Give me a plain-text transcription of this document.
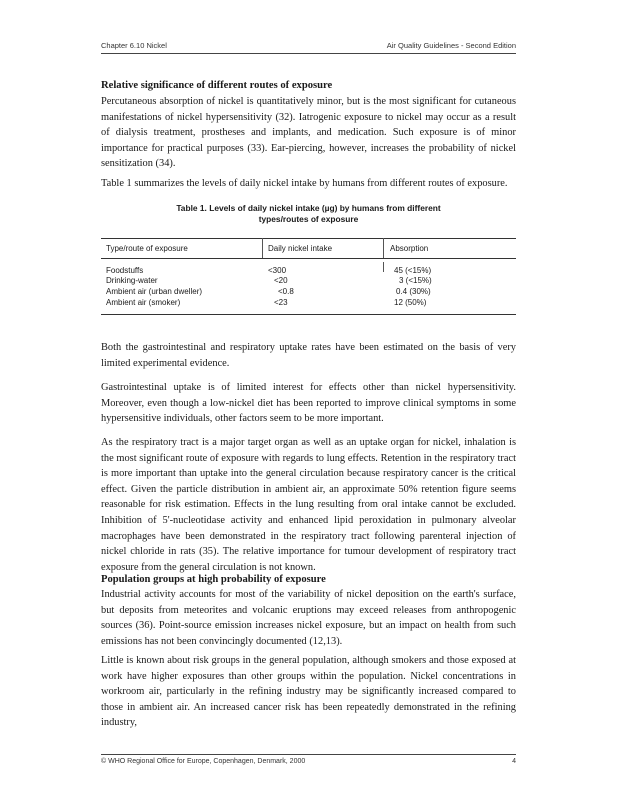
Chapter 6.10 Nickel	Air Quality Guidelines - Second Edition

Relative significance of different routes of exposure

Percutaneous absorption of nickel is quantitatively minor, but is the most significant for cutaneous manifestations of nickel hypersensitivity (32). Iatrogenic exposure to nickel may occur as a result of dialysis treatment, prostheses and implants, and medication. Such exposure is of minor importance for practical purposes (33). Ear-piercing, however, increases the probability of nickel sensitization (34).

Table 1 summarizes the levels of daily nickel intake by humans from different routes of exposure.

Table 1. Levels of daily nickel intake (µg) by humans from different
types/routes of exposure
Type/route of exposure	Daily nickel intake	Absorption
Foodstuffs	<300	45 (<15%)
Drinking-water	<20	3 (<15%)
Ambient air (urban dweller)	<0.8	0.4 (30%)
Ambient air (smoker)	<23	12 (50%)

Both the gastrointestinal and respiratory uptake rates have been estimated on the basis of very limited experimental evidence.

Gastrointestinal uptake is of limited interest for effects other than nickel hypersensitivity. Moreover, even though a low-nickel diet has been reported to improve clinical symptoms in some hypersensitive individuals, other factors seem to be more important.

As the respiratory tract is a major target organ as well as an uptake organ for nickel, inhalation is the most significant route of exposure with regards to lung effects. Retention in the respiratory tract is more important than uptake into the general circulation because respiratory cancer is the critical effect. Given the particle distribution in ambient air, an approximate 50% retention figure seems reasonable for risk estimation. Effects in the lung resulting from oral intake cannot be excluded. Inhibition of 5'-nucleotidase activity and enhanced lipid peroxidation in pulmonary alveolar macrophages have been demonstrated in the respiratory tract following parenteral injection of nickel chloride in rats (35). The relative importance for tumour development of respiratory tract exposure from the general circulation is not known.

Population groups at high probability of exposure

Industrial activity accounts for most of the variability of nickel deposition on the earth's surface, but deposits from meteorites and volcanic eruptions may exceed releases from anthropogenic sources (36). Point-source emission increases nickel exposure, but an impact on health from such emissions has not been convincingly documented (12,13).

Little is known about risk groups in the general population, although smokers and those exposed at work have higher exposures than other groups within the population. Nickel concentrations in workroom air, particularly in the refining industry may be significantly increased compared to those in ambient air. An increased cancer risk has been repeatedly demonstrated in the refining industry,

© WHO Regional Office for Europe, Copenhagen, Denmark, 2000	4
